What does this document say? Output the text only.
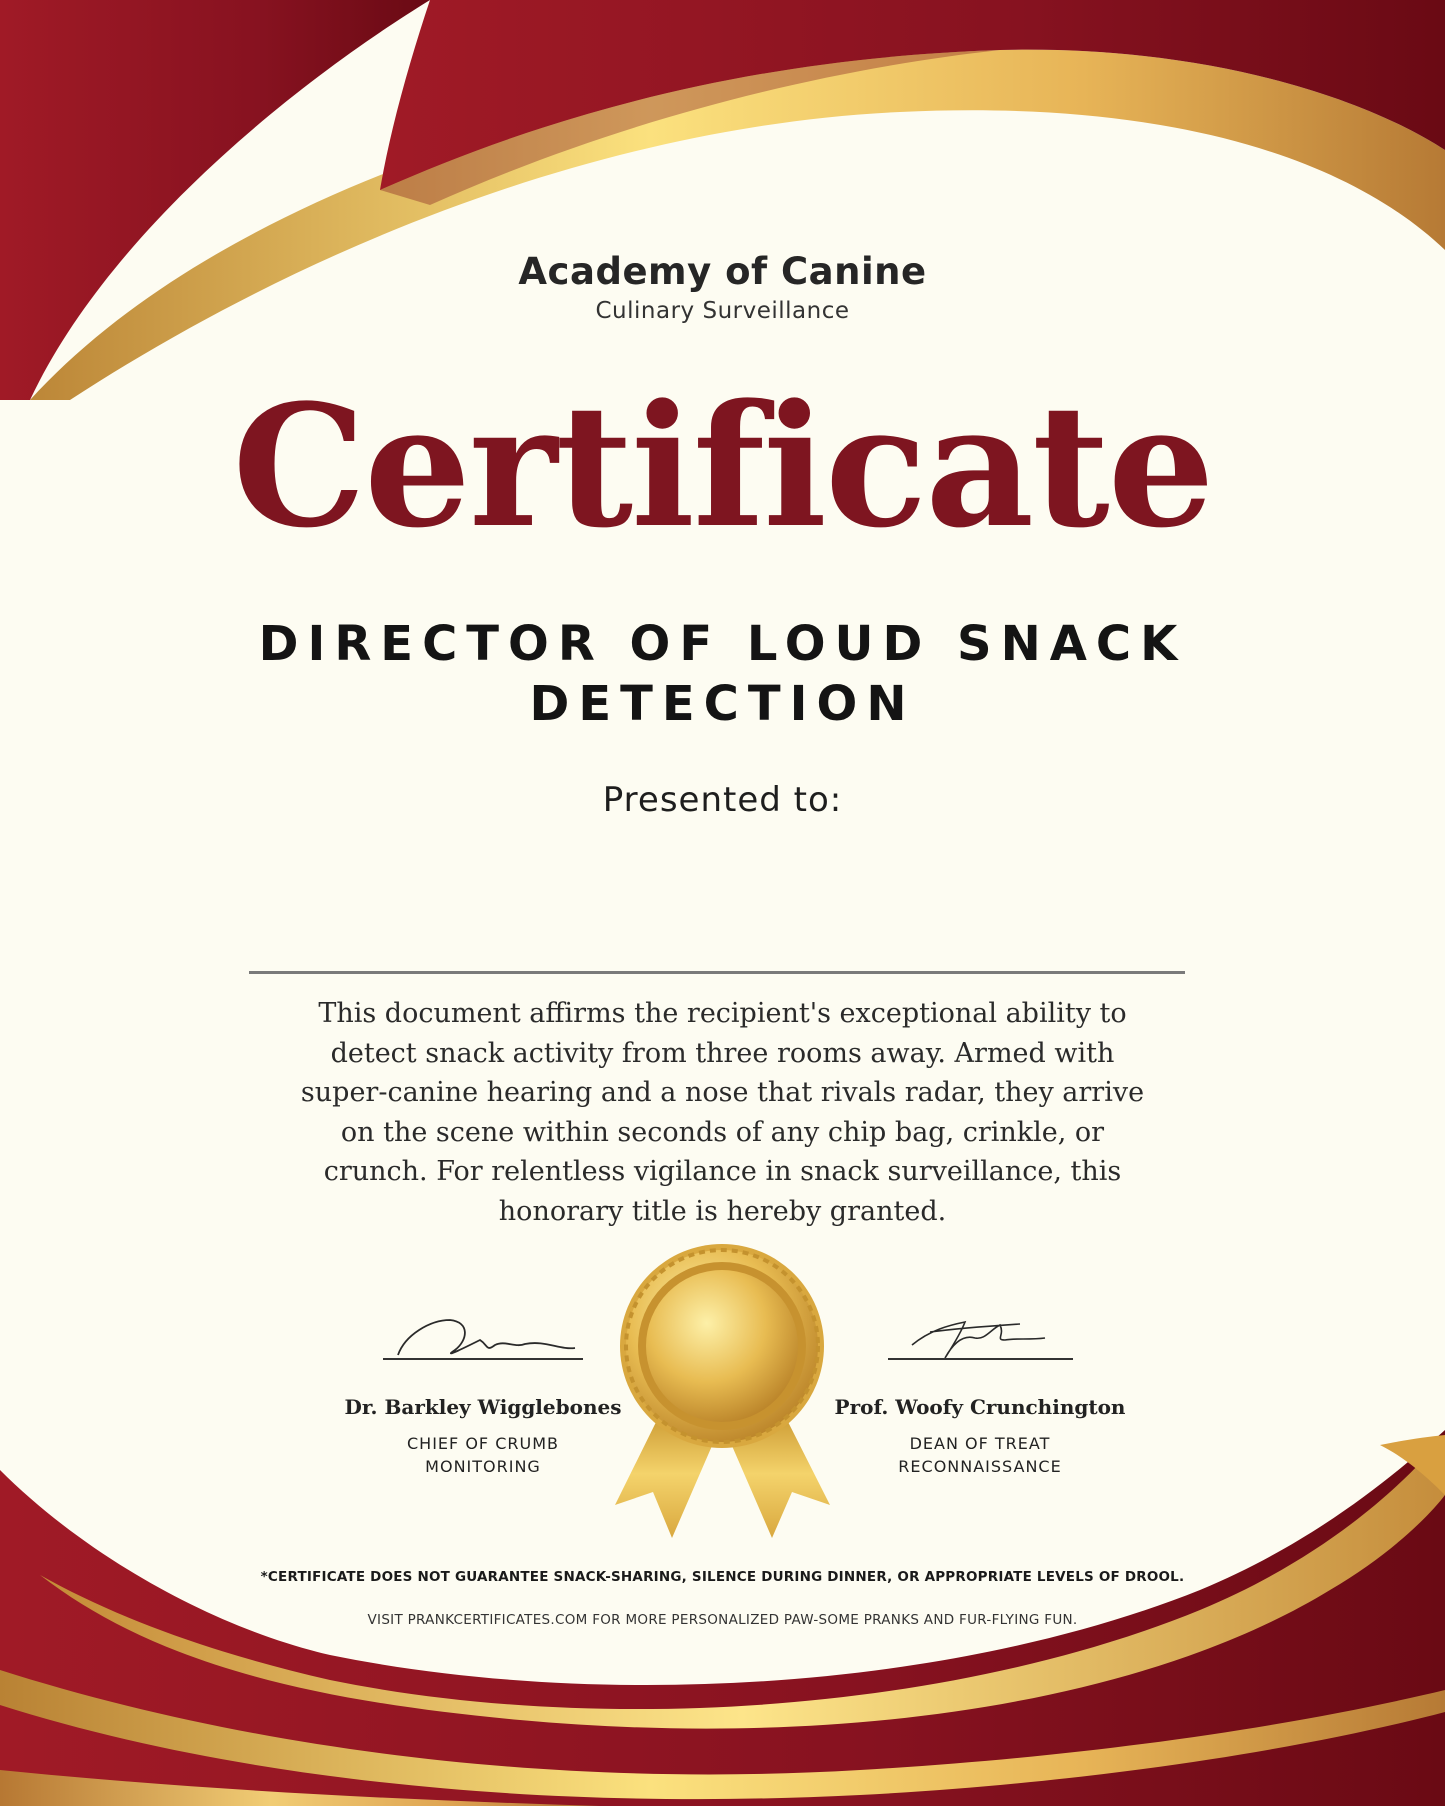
Academy of Canine
Culinary Surveillance
Certificate
DIRECTOR OF LOUD SNACK DETECTION
Presented to:
This document affirms the recipient's exceptional ability to detect snack activity from three rooms away. Armed with super-canine hearing and a nose that rivals radar, they arrive on the scene within seconds of any chip bag, crinkle, or crunch. For relentless vigilance in snack surveillance, this honorary title is hereby granted.
Dr. Barkley Wigglebones
CHIEF OF CRUMB
MONITORING
Prof. Woofy Crunchington
DEAN OF TREAT
RECONNAISSANCE
*CERTIFICATE DOES NOT GUARANTEE SNACK-SHARING, SILENCE DURING DINNER, OR APPROPRIATE LEVELS OF DROOL.
VISIT PRANKCERTIFICATES.COM FOR MORE PERSONALIZED PAW-SOME PRANKS AND FUR-FLYING FUN.
